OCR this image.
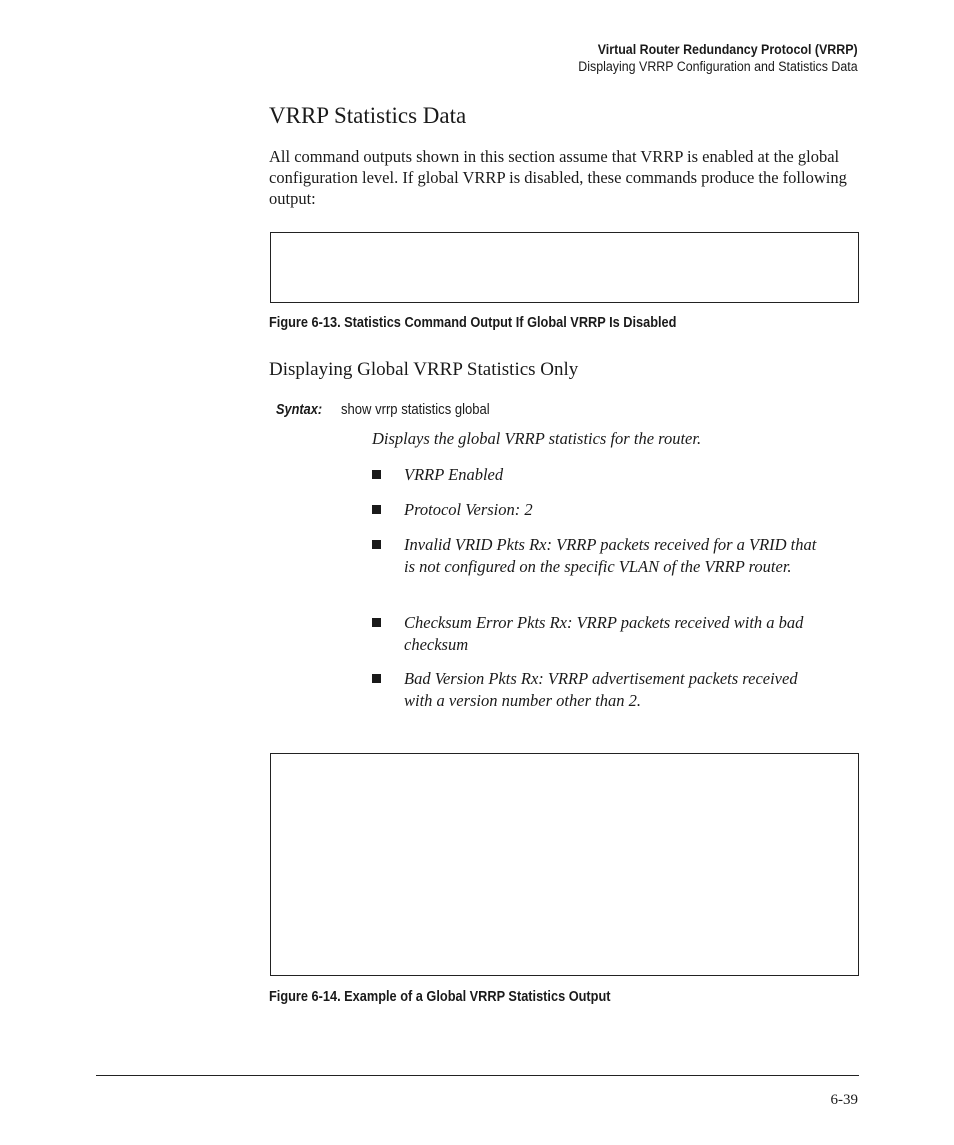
Virtual Router Redundancy Protocol (VRRP)
Displaying VRRP Configuration and Statistics Data
VRRP Statistics Data

All command outputs shown in this section assume that VRRP is enabled at the global configuration level. If global VRRP is disabled, these commands produce the following output:

Figure 6-13. Statistics Command Output If Global VRRP Is Disabled

Displaying Global VRRP Statistics Only
Syntax: show vrrp statistics global

Displays the global VRRP statistics for the router.

VRRP Enabled
Protocol Version: 2
Invalid VRID Pkts Rx: VRRP packets received for a VRID that is not configured on the specific VLAN of the VRRP router.
Checksum Error Pkts Rx: VRRP packets received with a bad checksum
Bad Version Pkts Rx: VRRP advertisement packets received with a version number other than 2.

Figure 6-14. Example of a Global VRRP Statistics Output

6-39
